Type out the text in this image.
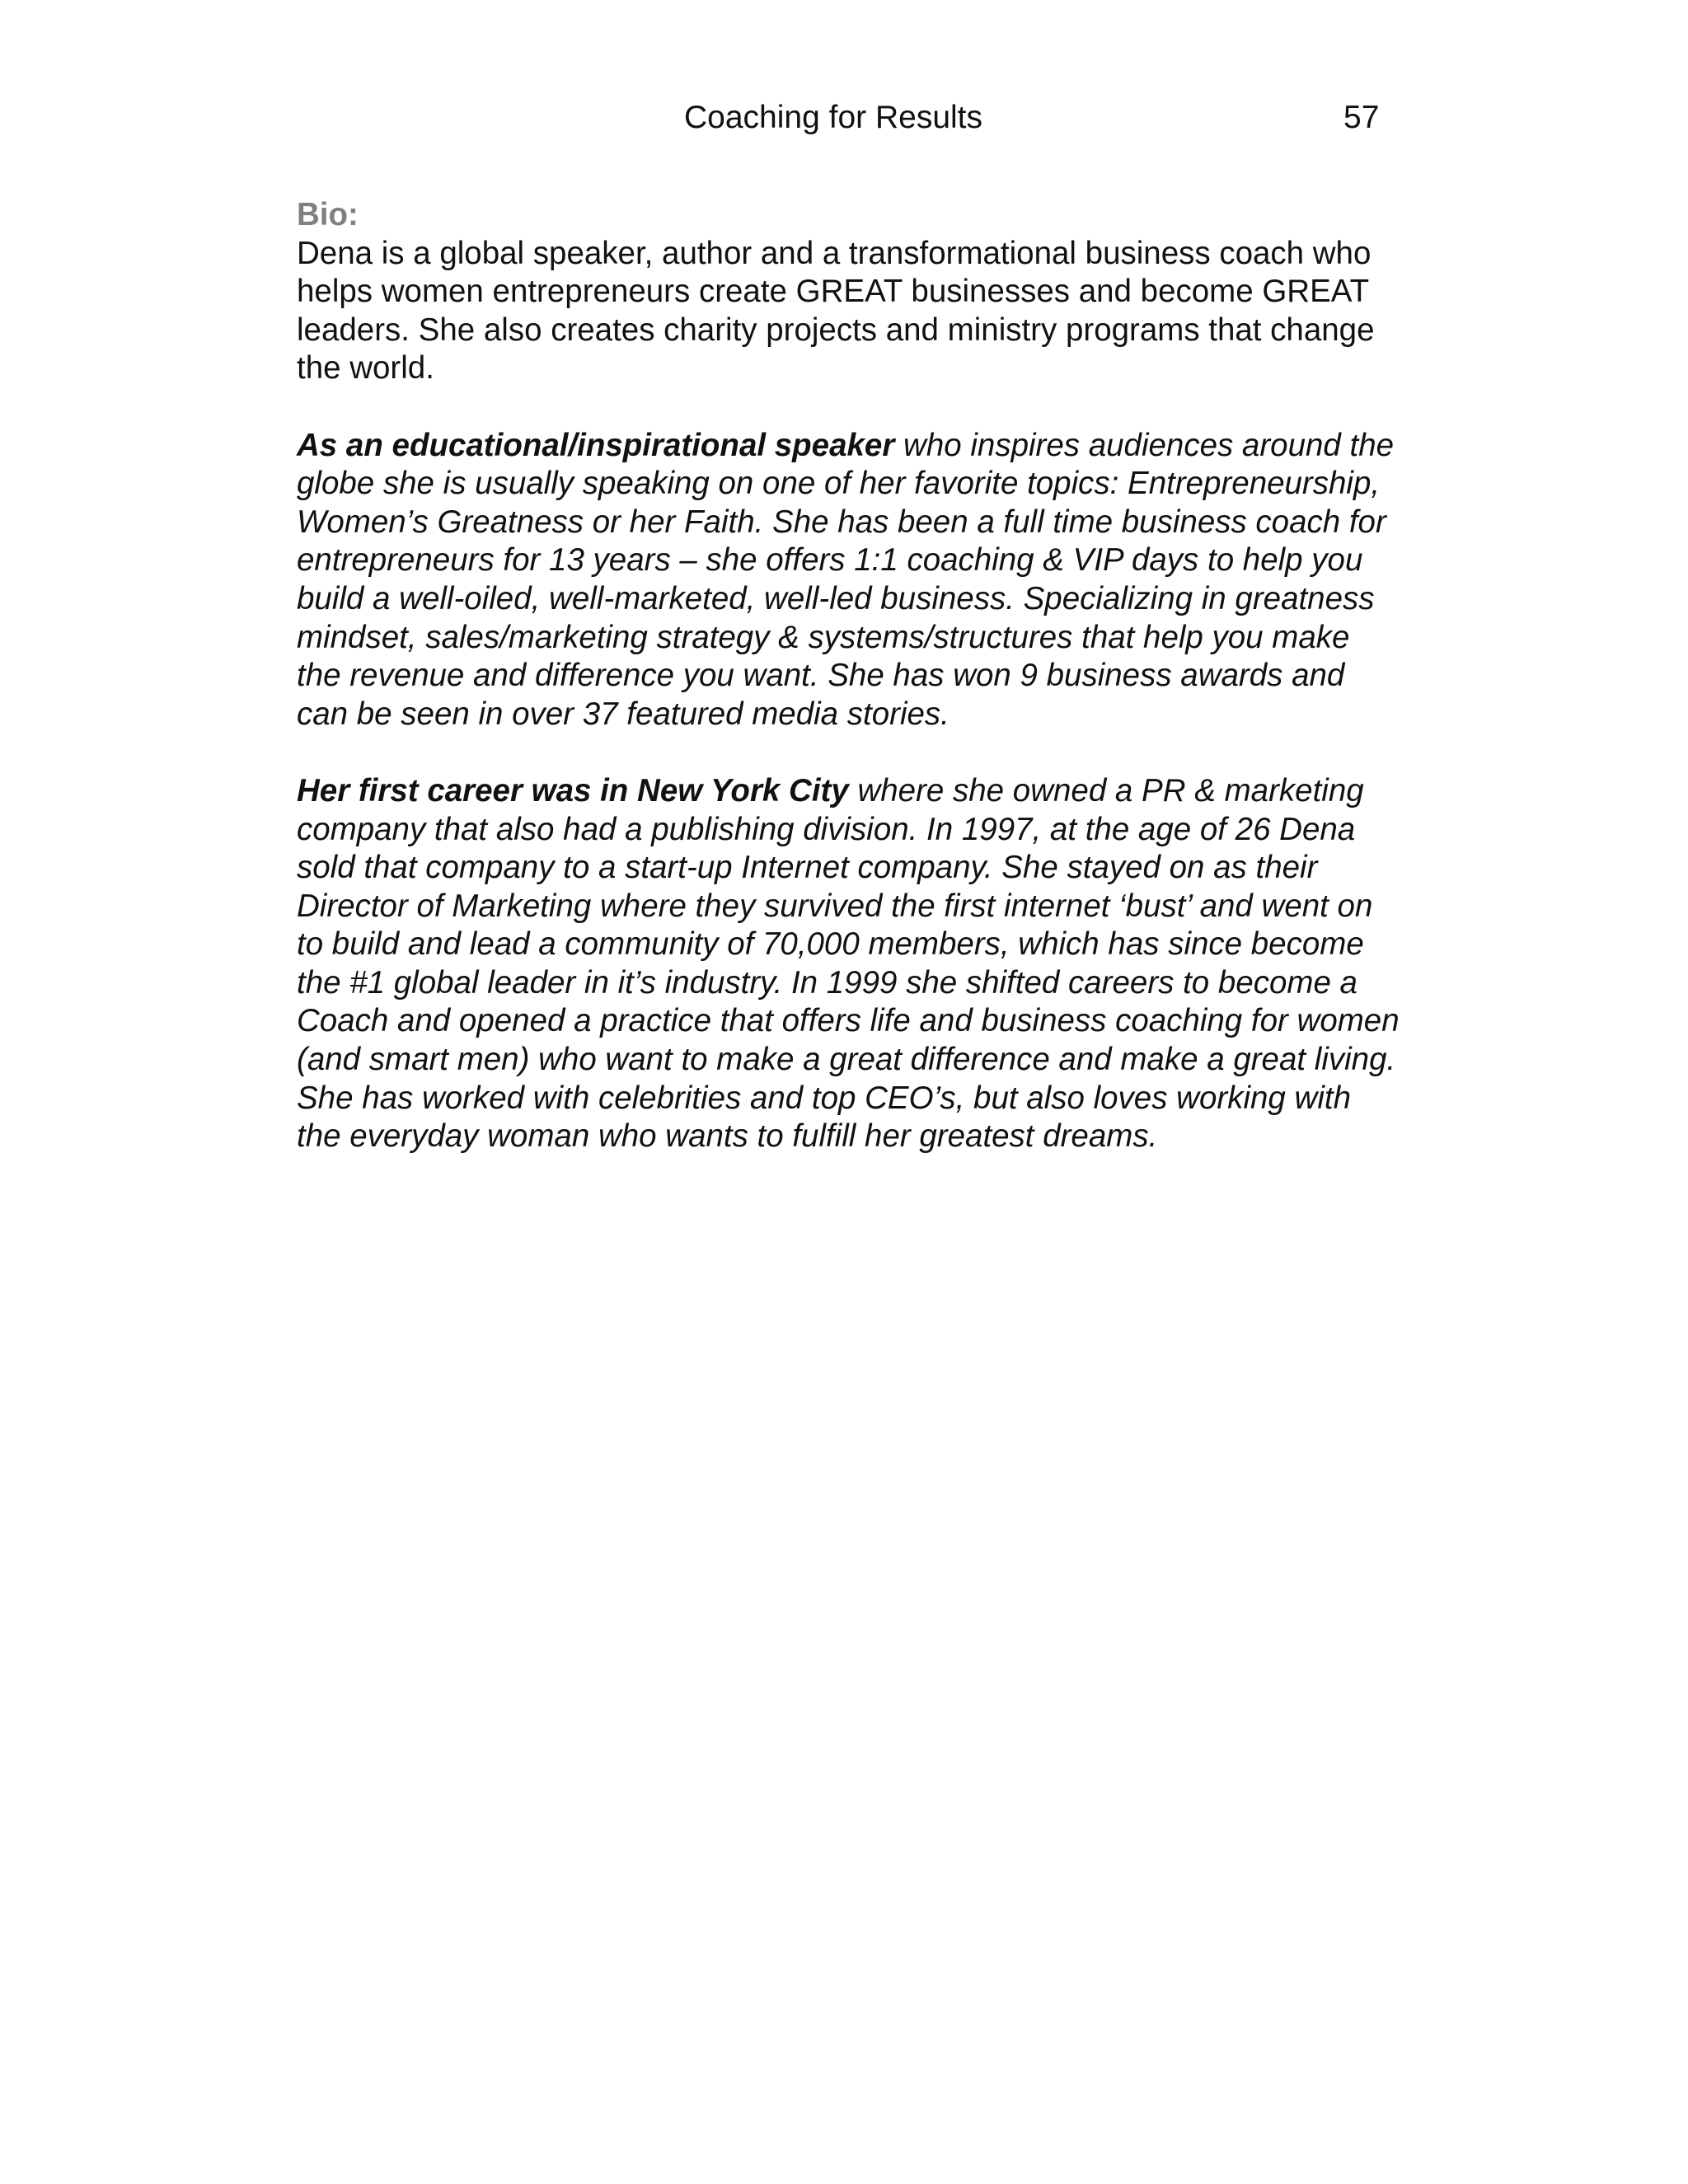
Coaching for Results	57
Bio:
Dena is a global speaker, author and a transformational business coach who helps women entrepreneurs create GREAT businesses and become GREAT leaders. She also creates charity projects and ministry programs that change the world.
As an educational/inspirational speaker who inspires audiences around the globe she is usually speaking on one of her favorite topics: Entrepreneurship, Women’s Greatness or her Faith. She has been a full time business coach for entrepreneurs for 13 years – she offers 1:1 coaching & VIP days to help you build a well-oiled, well-marketed, well-led business. Specializing in greatness mindset, sales/marketing strategy & systems/structures that help you make the revenue and difference you want. She has won 9 business awards and can be seen in over 37 featured media stories.
Her first career was in New York City where she owned a PR & marketing company that also had a publishing division. In 1997, at the age of 26 Dena sold that company to a start-up Internet company. She stayed on as their Director of Marketing where they survived the first internet ‘bust’ and went on to build and lead a community of 70,000 members, which has since become the #1 global leader in it’s industry. In 1999 she shifted careers to become a Coach and opened a practice that offers life and business coaching for women (and smart men) who want to make a great difference and make a great living. She has worked with celebrities and top CEO’s, but also loves working with the everyday woman who wants to fulfill her greatest dreams.
